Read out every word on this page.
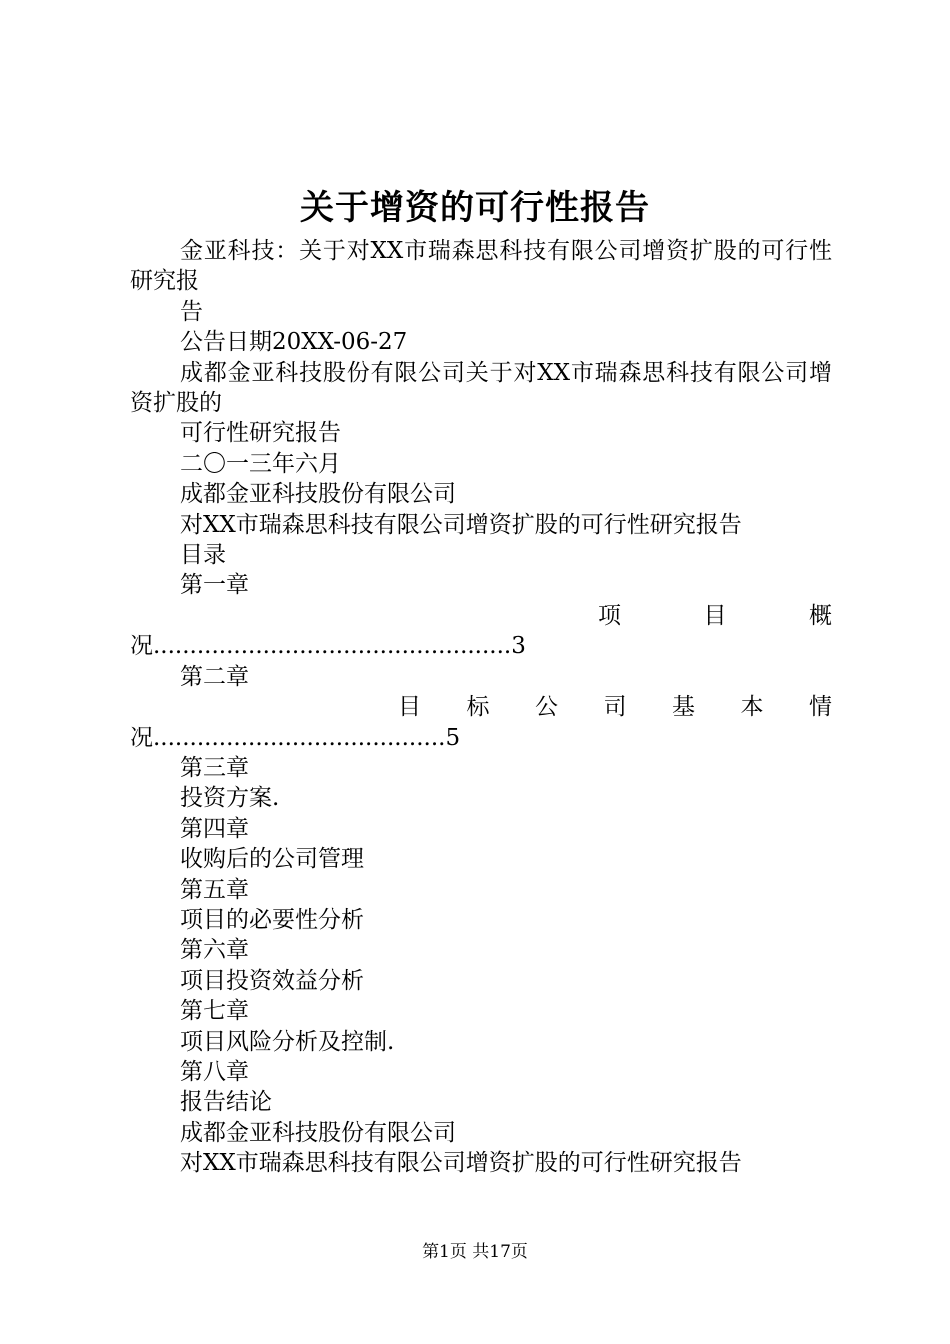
关于增资的可行性报告

金亚科技：关于对XX市瑞森思科技有限公司增资扩股的可行性研究报

告

公告日期20XX-06-27

成都金亚科技股份有限公司关于对XX市瑞森思科技有限公司增资扩股的

可行性研究报告

二〇一三年六月

成都金亚科技股份有限公司

对XX市瑞森思科技有限公司增资扩股的可行性研究报告

目录

第一章

项	目	概
况.................................................3

第二章

目 标 公 司 基 本 情
况........................................5

第三章

投资方案.

第四章

收购后的公司管理

第五章

项目的必要性分析

第六章

项目投资效益分析

第七章

项目风险分析及控制.

第八章

报告结论

成都金亚科技股份有限公司

对XX市瑞森思科技有限公司增资扩股的可行性研究报告

第1页 共17页
